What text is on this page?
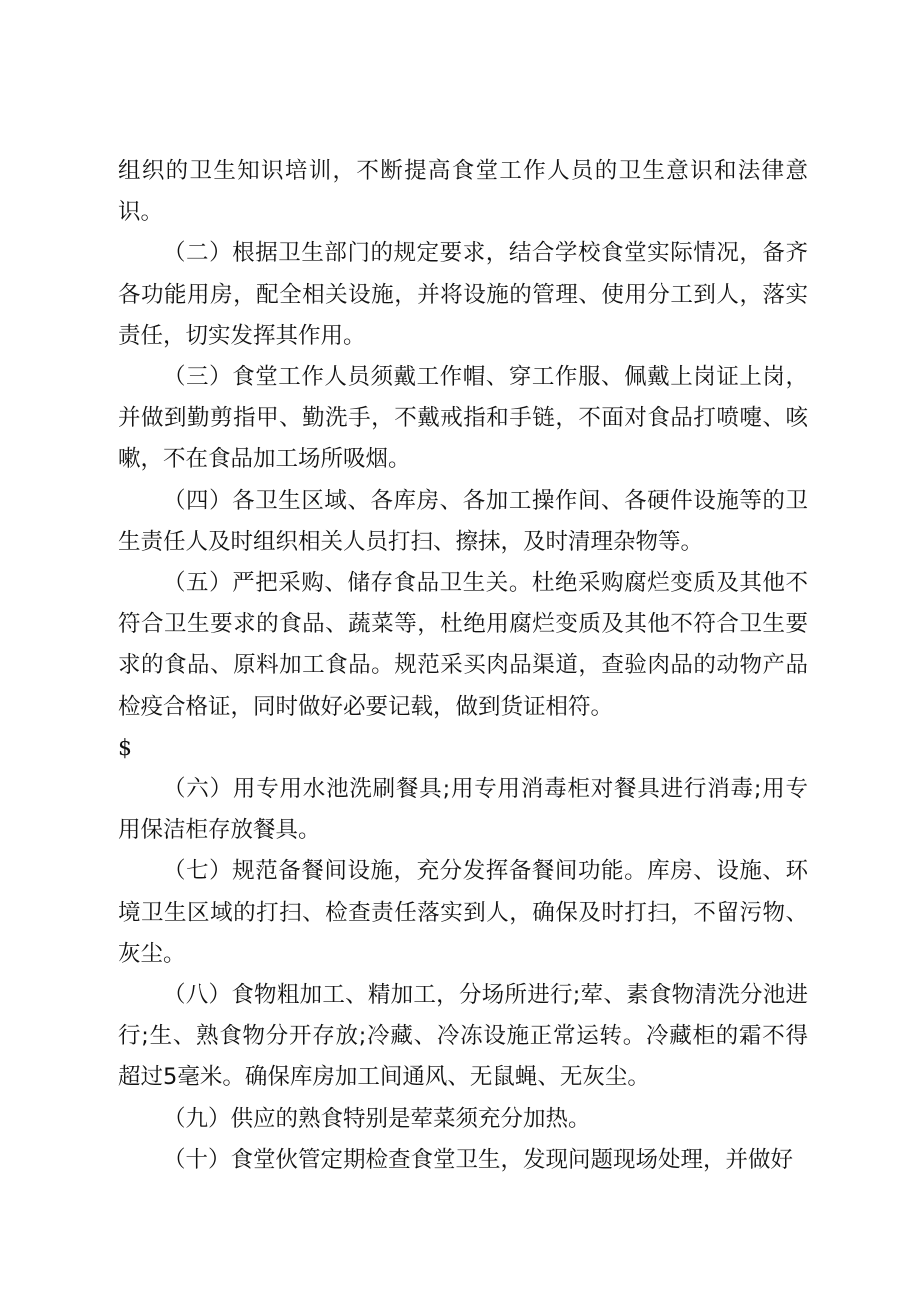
组织的卫生知识培训，不断提高食堂工作人员的卫生意识和法律意识。

（二）根据卫生部门的规定要求，结合学校食堂实际情况，备齐各功能用房，配全相关设施，并将设施的管理、使用分工到人，落实责任，切实发挥其作用。

（三）食堂工作人员须戴工作帽、穿工作服、佩戴上岗证上岗，并做到勤剪指甲、勤洗手，不戴戒指和手链，不面对食品打喷嚏、咳嗽，不在食品加工场所吸烟。

（四）各卫生区域、各库房、各加工操作间、各硬件设施等的卫生责任人及时组织相关人员打扫、擦抹，及时清理杂物等。

（五）严把采购、储存食品卫生关。杜绝采购腐烂变质及其他不符合卫生要求的食品、蔬菜等，杜绝用腐烂变质及其他不符合卫生要求的食品、原料加工食品。规范采买肉品渠道，查验肉品的动物产品检疫合格证，同时做好必要记载，做到货证相符。

$

（六）用专用水池洗刷餐具;用专用消毒柜对餐具进行消毒;用专用保洁柜存放餐具。

（七）规范备餐间设施，充分发挥备餐间功能。库房、设施、环境卫生区域的打扫、检查责任落实到人，确保及时打扫，不留污物、灰尘。

（八）食物粗加工、精加工，分场所进行;荤、素食物清洗分池进行;生、熟食物分开存放;冷藏、冷冻设施正常运转。冷藏柜的霜不得超过5毫米。确保库房加工间通风、无鼠蝇、无灰尘。

（九）供应的熟食特别是荤菜须充分加热。

（十）食堂伙管定期检查食堂卫生，发现问题现场处理，并做好
